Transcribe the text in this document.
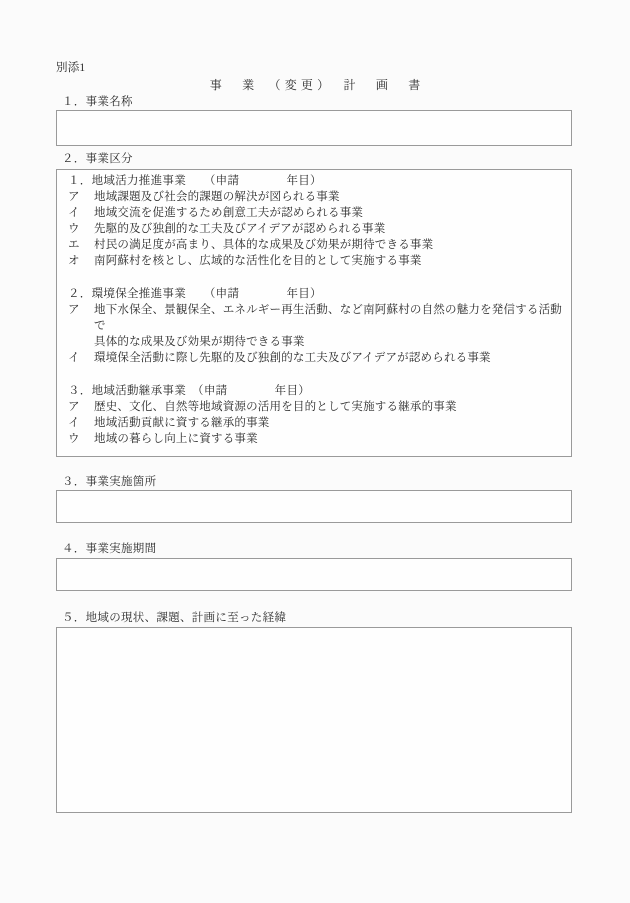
別添1
事　業　（変更）　計　画　書
１．事業名称
２．事業区分
１．地域活力推進事業　　（申請　　　　年目）
ア	地域課題及び社会的課題の解決が図られる事業
イ	地域交流を促進するため創意工夫が認められる事業
ウ	先駆的及び独創的な工夫及びアイデアが認められる事業
エ	村民の満足度が高まり、具体的な成果及び効果が期待できる事業
オ	南阿蘇村を核とし、広域的な活性化を目的として実施する事業
２．環境保全推進事業　　（申請　　　　年目）
ア	地下水保全、景観保全、エネルギー再生活動、など南阿蘇村の自然の魅力を発信する活動で
具体的な成果及び効果が期待できる事業
イ	環境保全活動に際し先駆的及び独創的な工夫及びアイデアが認められる事業
３．地域活動継承事業　（申請　　　　年目）
ア	歴史、文化、自然等地域資源の活用を目的として実施する継承的事業
イ	地域活動貢献に資する継承的事業
ウ	地域の暮らし向上に資する事業
３．事業実施箇所
４．事業実施期間
５．地域の現状、課題、計画に至った経緯
